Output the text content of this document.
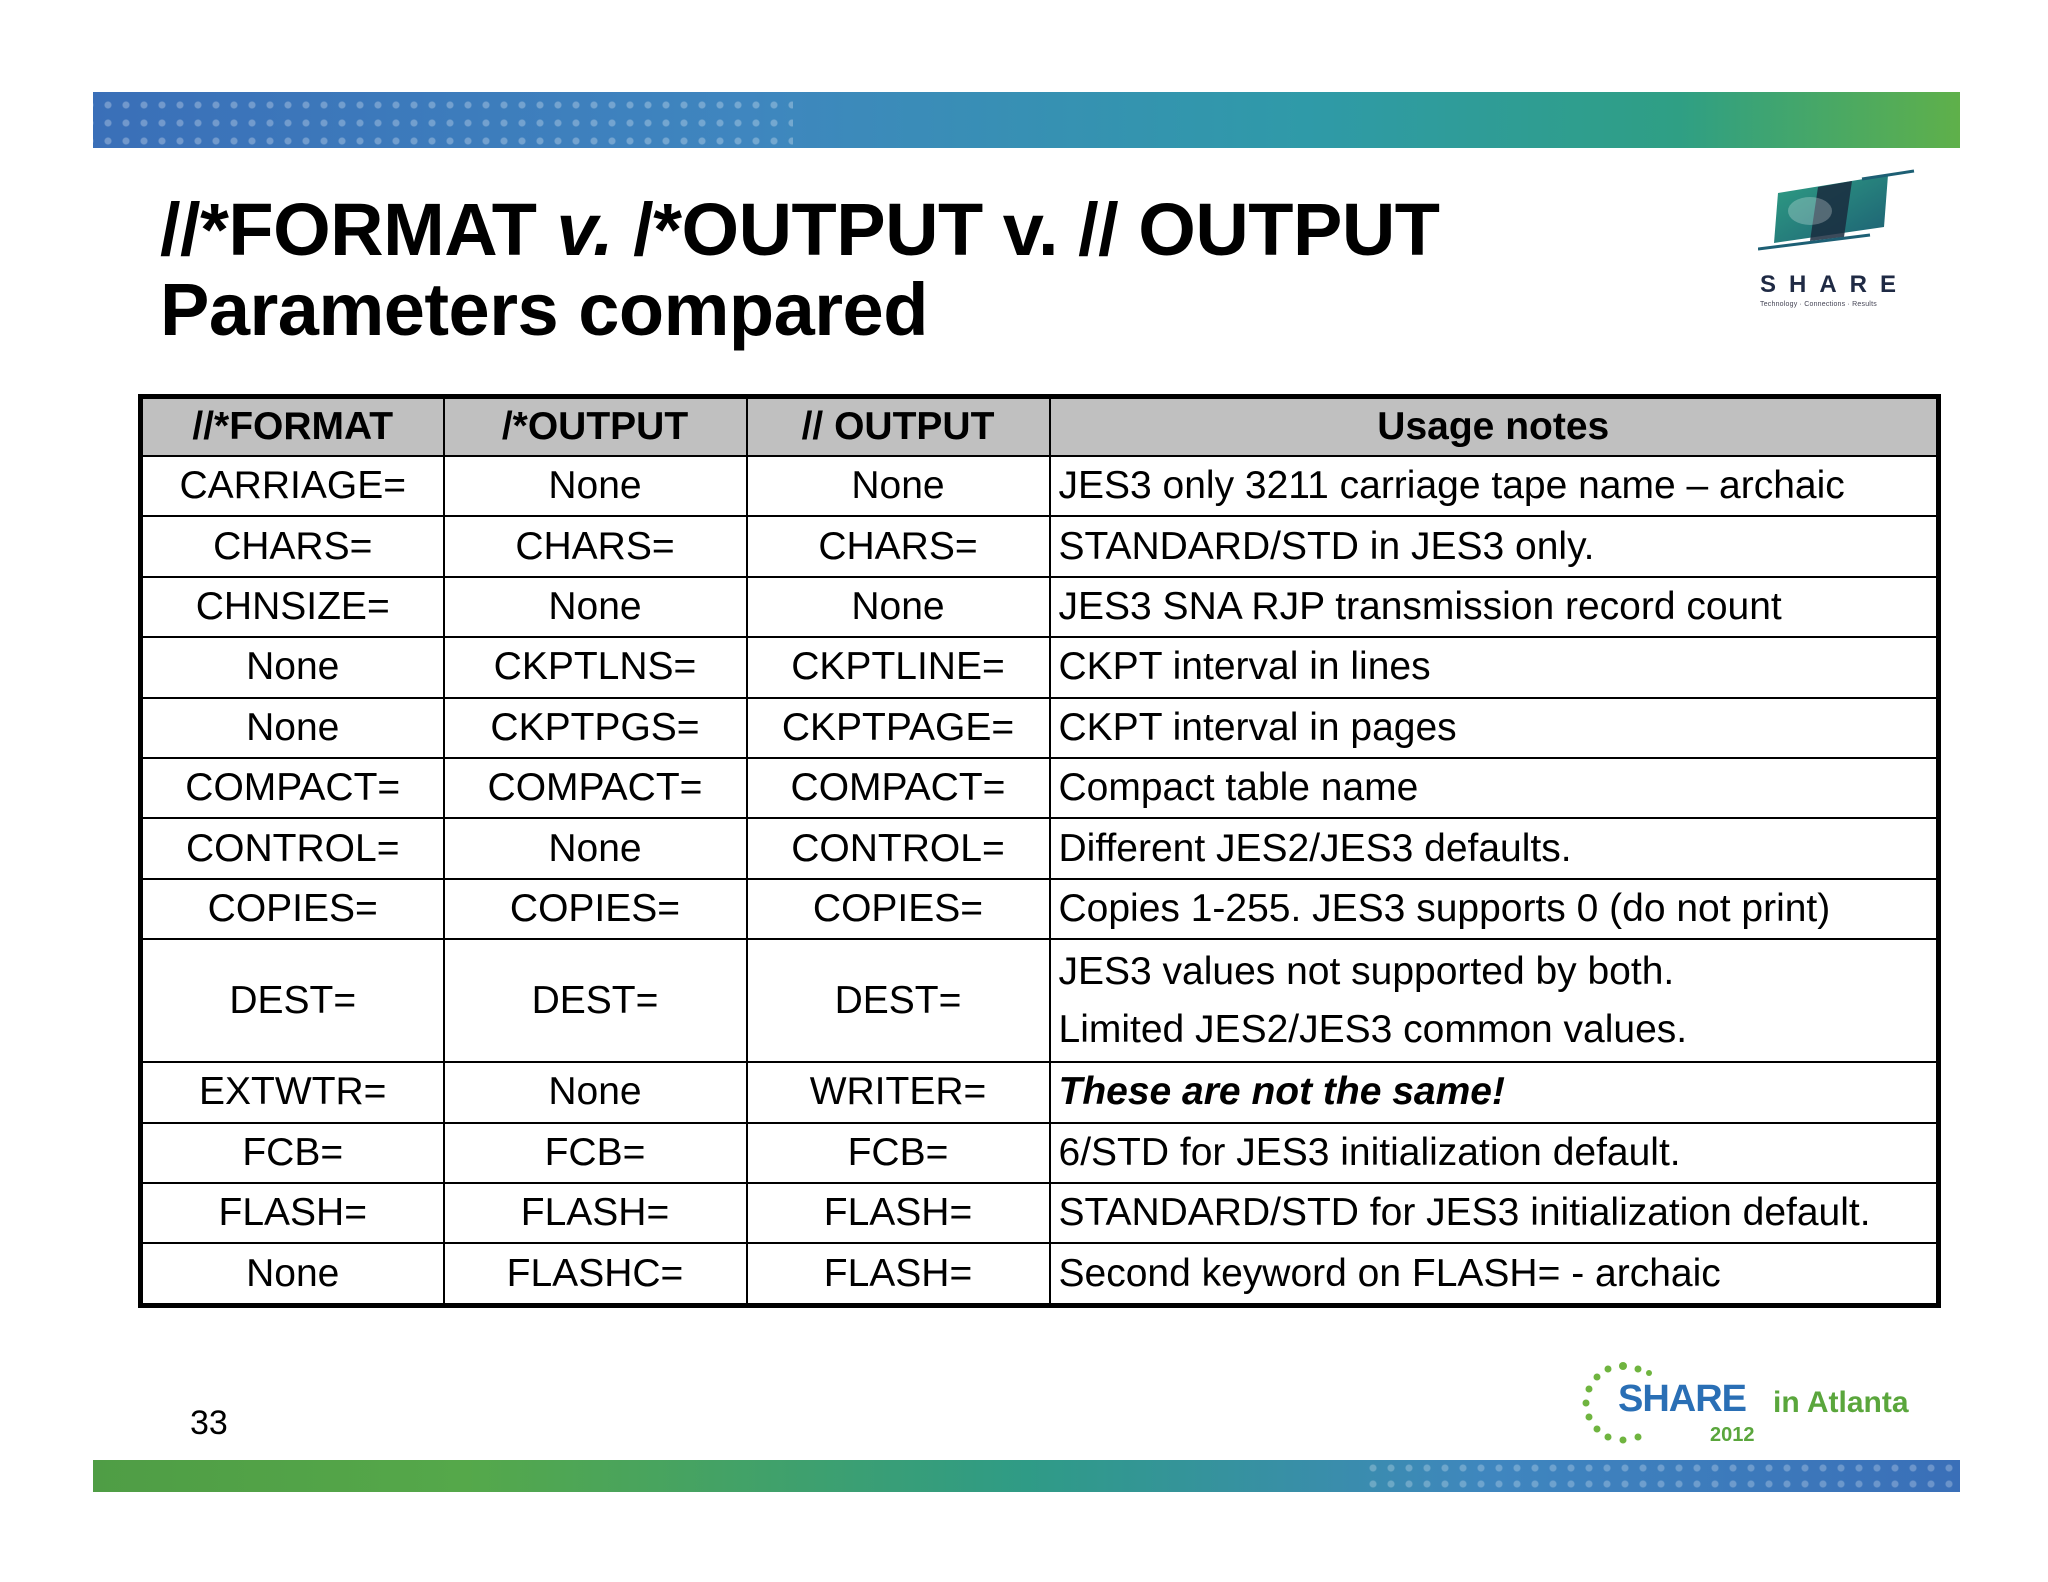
//*FORMAT v. /*OUTPUT v. // OUTPUT
Parameters compared	SHARE
Technology · Connections · Results
//*FORMAT	/*OUTPUT	// OUTPUT	Usage notes
CARRIAGE=	None	None	JES3 only 3211 carriage tape name – archaic
CHARS=	CHARS=	CHARS=	STANDARD/STD in JES3 only.
CHNSIZE=	None	None	JES3 SNA RJP transmission record count
None	CKPTLNS=	CKPTLINE=	CKPT interval in lines
None	CKPTPGS=	CKPTPAGE=	CKPT interval in pages
COMPACT=	COMPACT=	COMPACT=	Compact table name
CONTROL=	None	CONTROL=	Different JES2/JES3 defaults.
COPIES=	COPIES=	COPIES=	Copies 1-255. JES3 supports 0 (do not print)
DEST=	DEST=	DEST=	JES3 values not supported by both.
Limited JES2/JES3 common values.

EXTWTR=	None	WRITER=	These are not the same!
FCB=	FCB=	FCB=	6/STD for JES3 initialization default.
FLASH=	FLASH=	FLASH=	STANDARD/STD for JES3 initialization default.
None	FLASHC=	FLASH=	Second keyword on FLASH= - archaic
33
SHARE in Atlanta
2012
